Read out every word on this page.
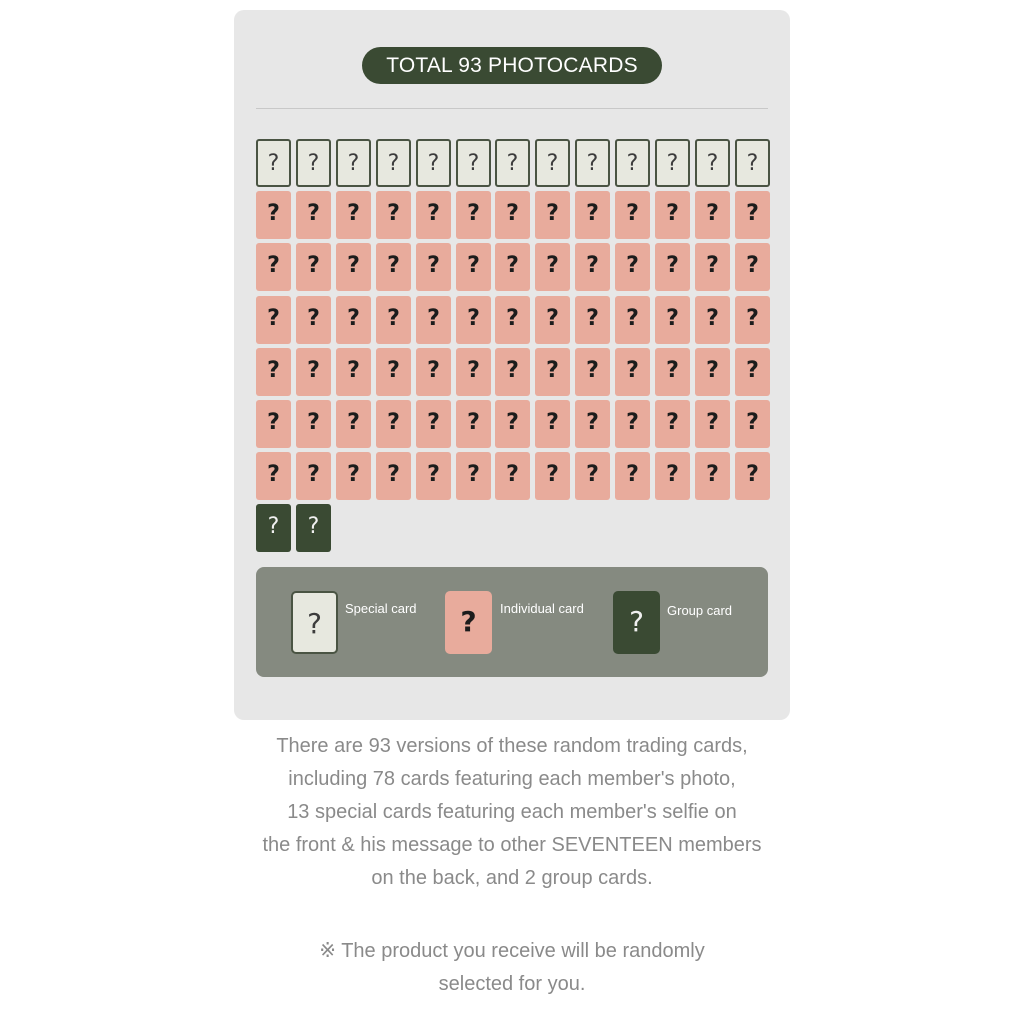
TOTAL 93 PHOTOCARDS
?	?	?	?	?	?	?	?	?	?	?	?	?
?	?	?	?	?	?	?	?	?	?	?	?	?
?	?	?	?	?	?	?	?	?	?	?	?	?
?	?	?	?	?	?	?	?	?	?	?	?	?
?	?	?	?	?	?	?	?	?	?	?	?	?
?	?	?	?	?	?	?	?	?	?	?	?	?
?	?	?	?	?	?	?	?	?	?	?	?	?
?	?
?	Special card	?	Individual card	?	Group card

There are 93 versions of these random trading cards,

including 78 cards featuring each member's photo,

13 special cards featuring each member's selfie on

the front & his message to other SEVENTEEN members

on the back, and 2 group cards.

※ The product you receive will be randomly

selected for you.
